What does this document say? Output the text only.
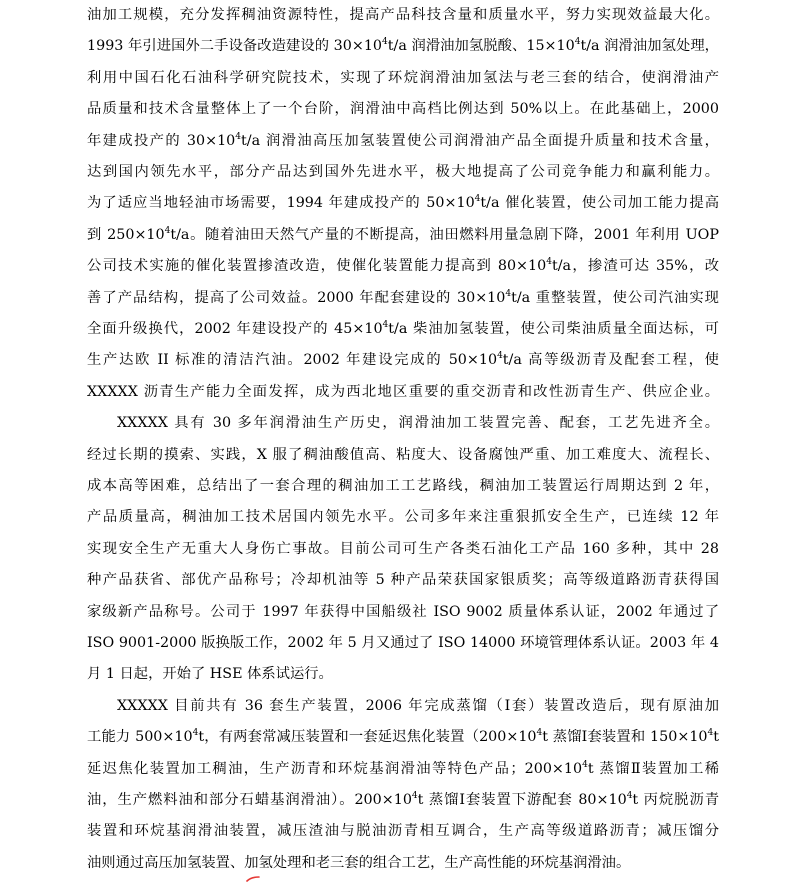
油加工规模，充分发挥稠油资源特性，提高产品科技含量和质量水平，努力实现效益最大化。
1993 年引进国外二手设备改造建设的 $30\times 10^4t/a$ 润滑油加氢脱酸、$15\times 10^4t/a$ 润滑油加氢处理，
利用中国石化石油科学研究院技术，实现了环烷润滑油加氢法与老三套的结合，使润滑油产
品质量和技术含量整体上了一个台阶，润滑油中高档比例达到 50%以上。在此基础上，2000
年建成投产的 $30\times 10^4t/a$ 润滑油高压加氢装置使公司润滑油产品全面提升质量和技术含量，
达到国内领先水平，部分产品达到国外先进水平，极大地提高了公司竞争能力和赢利能力。
为了适应当地轻油市场需要，1994 年建成投产的 $50\times 10^4t/a$ 催化装置，使公司加工能力提高
到 $250\times 10^4t/a$。随着油田天然气产量的不断提高，油田燃料用量急剧下降，2001 年利用 UOP
公司技术实施的催化装置掺渣改造，使催化装置能力提高到 $80\times 10^4t/a$，掺渣可达 35%，改
善了产品结构，提高了公司效益。2000 年配套建设的 $30\times 10^4t/a$ 重整装置，使公司汽油实现
全面升级换代，2002 年建设投产的 $45\times 10^4t/a$ 柴油加氢装置，使公司柴油质量全面达标，可
生产达欧 II 标准的清洁汽油。2002 年建设完成的 $50\times 10^4t/a$ 高等级沥青及配套工程，使
XXXXX 沥青生产能力全面发挥，成为西北地区重要的重交沥青和改性沥青生产、供应企业。
XXXXX 具有 30 多年润滑油生产历史，润滑油加工装置完善、配套，工艺先进齐全。
经过长期的摸索、实践，X 服了稠油酸值高、粘度大、设备腐蚀严重、加工难度大、流程长、
成本高等困难，总结出了一套合理的稠油加工工艺路线，稠油加工装置运行周期达到 2 年，
产品质量高，稠油加工技术居国内领先水平。公司多年来注重狠抓安全生产，已连续 12 年
实现安全生产无重大人身伤亡事故。目前公司可生产各类石油化工产品 160 多种，其中 28
种产品获省、部优产品称号；冷却机油等 5 种产品荣获国家银质奖；高等级道路沥青获得国
家级新产品称号。公司于 1997 年获得中国船级社 ISO 9002 质量体系认证，2002 年通过了
ISO 9001-2000 版换版工作，2002 年 5 月又通过了 ISO 14000 环境管理体系认证。2003 年 4
月 1 日起，开始了 HSE 体系试运行。
XXXXX 目前共有 36 套生产装置，2006 年完成蒸馏（Ⅰ套）装置改造后，现有原油加
工能力 $500\times 10^4t$，有两套常减压装置和一套延迟焦化装置（$200\times 10^4t$ 蒸馏Ⅰ套装置和 $150\times 10^4t$
延迟焦化装置加工稠油，生产沥青和环烷基润滑油等特色产品；$200\times 10^4t$ 蒸馏Ⅱ装置加工稀
油，生产燃料油和部分石蜡基润滑油）。$200\times 10^4t$ 蒸馏Ⅰ套装置下游配套 $80\times 10^4t$ 丙烷脱沥青
装置和环烷基润滑油装置，减压渣油与脱油沥青相互调合，生产高等级道路沥青；减压馏分
油则通过高压加氢装置、加氢处理和老三套的组合工艺，生产高性能的环烷基润滑油。
